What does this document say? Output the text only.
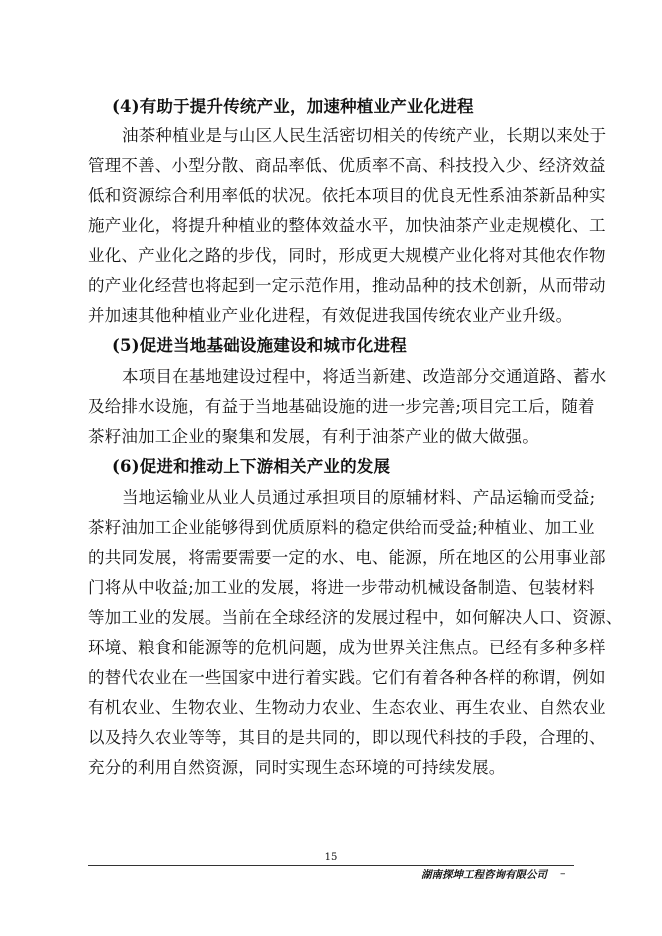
(4)有助于提升传统产业，加速种植业产业化进程
油茶种植业是与山区人民生活密切相关的传统产业，长期以来处于
管理不善、小型分散、商品率低、优质率不高、科技投入少、经济效益
低和资源综合利用率低的状况。依托本项目的优良无性系油茶新品种实
施产业化，将提升种植业的整体效益水平，加快油茶产业走规模化、工
业化、产业化之路的步伐，同时，形成更大规模产业化将对其他农作物
的产业化经营也将起到一定示范作用，推动品种的技术创新，从而带动
并加速其他种植业产业化进程，有效促进我国传统农业产业升级。
(5)促进当地基础设施建设和城市化进程
本项目在基地建设过程中，将适当新建、改造部分交通道路、蓄水
及给排水设施，有益于当地基础设施的进一步完善;项目完工后，随着
茶籽油加工企业的聚集和发展，有利于油茶产业的做大做强。
(6)促进和推动上下游相关产业的发展
当地运输业从业人员通过承担项目的原辅材料、产品运输而受益;
茶籽油加工企业能够得到优质原料的稳定供给而受益;种植业、加工业
的共同发展，将需要需要一定的水、电、能源，所在地区的公用事业部
门将从中收益;加工业的发展，将进一步带动机械设备制造、包装材料
等加工业的发展。当前在全球经济的发展过程中，如何解决人口、资源、
环境、粮食和能源等的危机问题，成为世界关注焦点。已经有多种多样
的替代农业在一些国家中进行着实践。它们有着各种各样的称谓，例如
有机农业、生物农业、生物动力农业、生态农业、再生农业、自然农业
以及持久农业等等，其目的是共同的，即以现代科技的手段，合理的、
充分的利用自然资源，同时实现生态环境的可持续发展。
15
湖南探坤工程咨询有限公司 –
